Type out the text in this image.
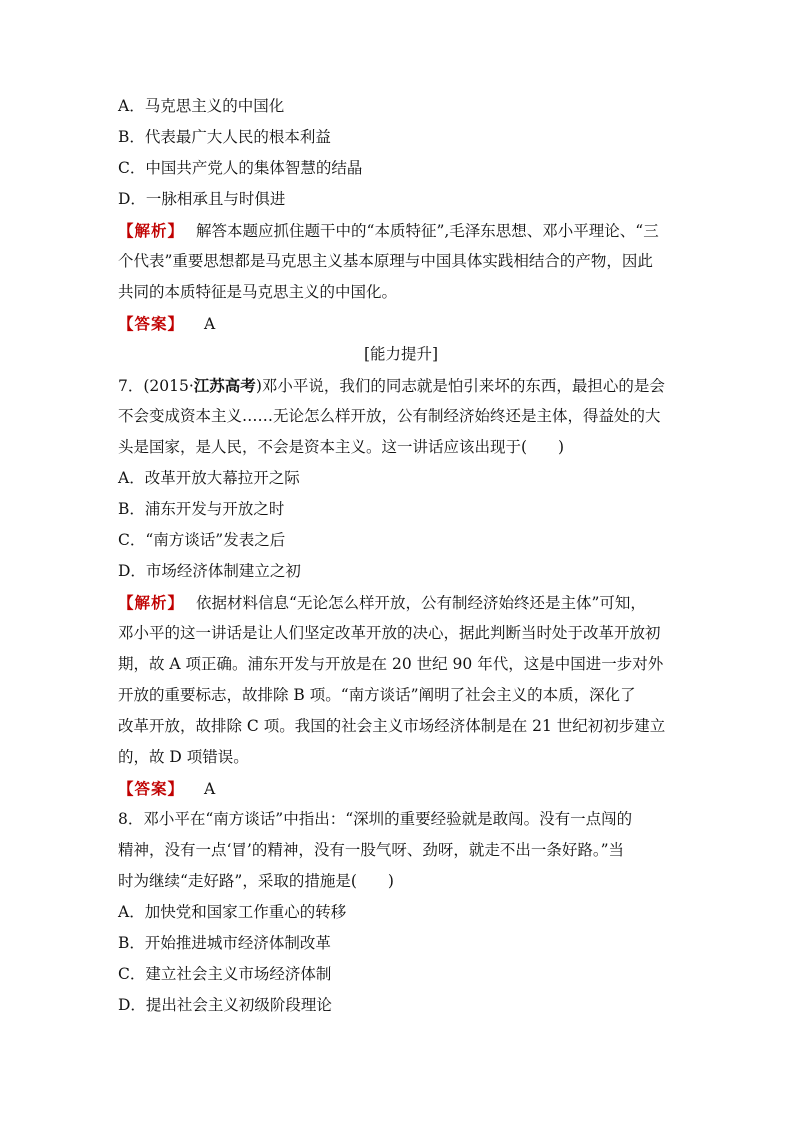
A．马克思主义的中国化
B．代表最广大人民的根本利益
C．中国共产党人的集体智慧的结晶
D．一脉相承且与时俱进
【解析】 解答本题应抓住题干中的“本质特征”,毛泽东思想、邓小平理论、“三
个代表”重要思想都是马克思主义基本原理与中国具体实践相结合的产物，因此
共同的本质特征是马克思主义的中国化。
【答案】 A
[能力提升]
7．(2015·江苏高考)邓小平说，我们的同志就是怕引来坏的东西，最担心的是会
不会变成资本主义……无论怎么样开放，公有制经济始终还是主体，得益处的大
头是国家，是人民，不会是资本主义。这一讲话应该出现于(　　)
A．改革开放大幕拉开之际
B．浦东开发与开放之时
C．“南方谈话”发表之后
D．市场经济体制建立之初
【解析】 依据材料信息“无论怎么样开放，公有制经济始终还是主体”可知，
邓小平的这一讲话是让人们坚定改革开放的决心，据此判断当时处于改革开放初
期，故 A 项正确。浦东开发与开放是在 20 世纪 90 年代，这是中国进一步对外
开放的重要标志，故排除 B 项。“南方谈话”阐明了社会主义的本质，深化了
改革开放，故排除 C 项。我国的社会主义市场经济体制是在 21 世纪初初步建立
的，故 D 项错误。
【答案】 A
8．邓小平在“南方谈话”中指出：“深圳的重要经验就是敢闯。没有一点闯的
精神，没有一点‘冒’的精神，没有一股气呀、劲呀，就走不出一条好路。”当
时为继续“走好路”，采取的措施是(　　)
A．加快党和国家工作重心的转移
B．开始推进城市经济体制改革
C．建立社会主义市场经济体制
D．提出社会主义初级阶段理论
